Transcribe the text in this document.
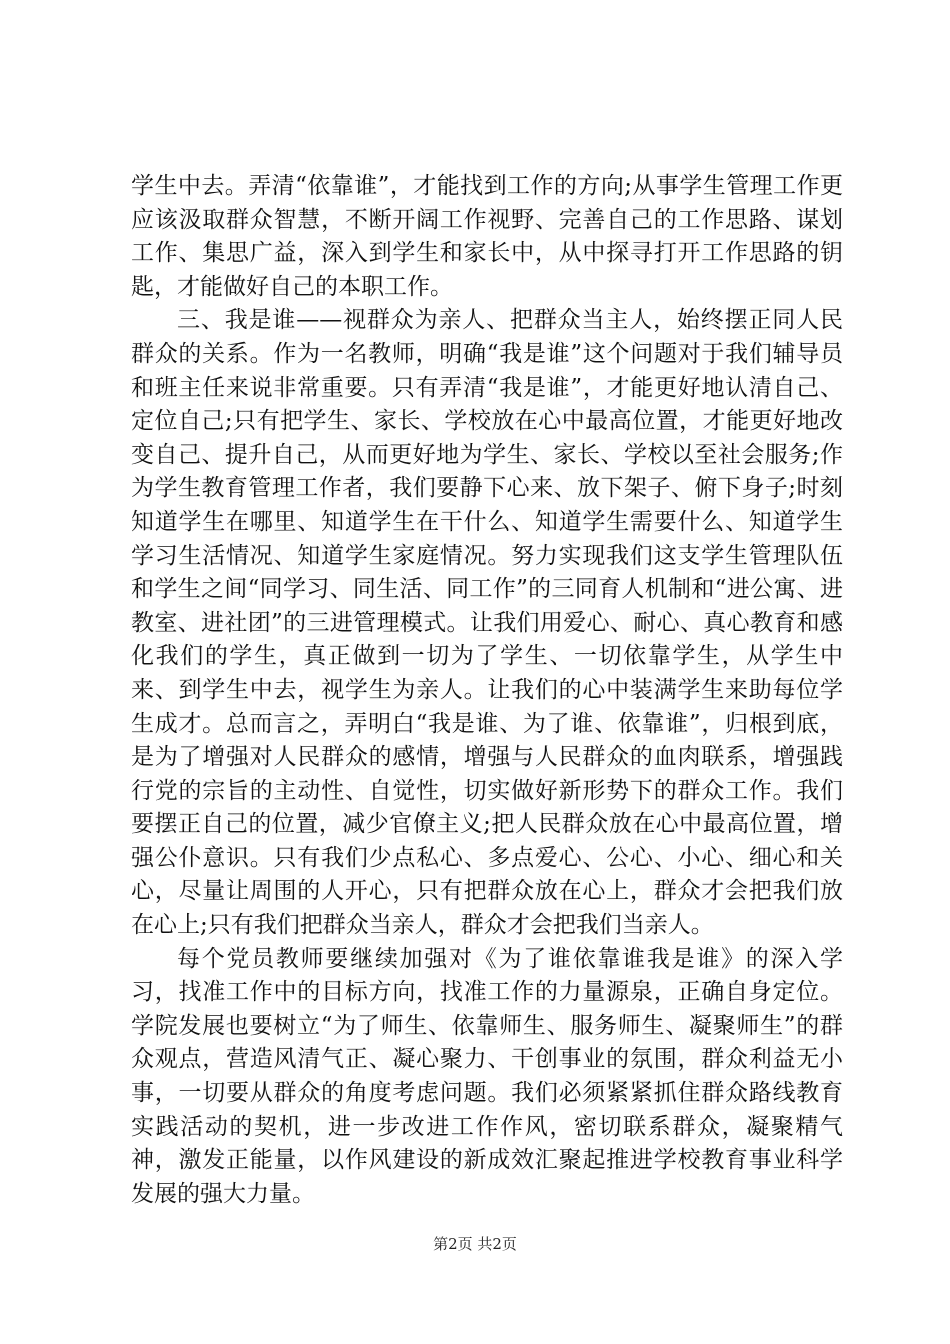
学生中去。弄清“依靠谁”，才能找到工作的方向;从事学生管理工作更应该汲取群众智慧，不断开阔工作视野、完善自己的工作思路、谋划工作、集思广益，深入到学生和家长中，从中探寻打开工作思路的钥匙，才能做好自己的本职工作。

三、我是谁——视群众为亲人、把群众当主人，始终摆正同人民群众的关系。作为一名教师，明确“我是谁”这个问题对于我们辅导员和班主任来说非常重要。只有弄清“我是谁”，才能更好地认清自己、定位自己;只有把学生、家长、学校放在心中最高位置，才能更好地改变自己、提升自己，从而更好地为学生、家长、学校以至社会服务;作为学生教育管理工作者，我们要静下心来、放下架子、俯下身子;时刻知道学生在哪里、知道学生在干什么、知道学生需要什么、知道学生学习生活情况、知道学生家庭情况。努力实现我们这支学生管理队伍和学生之间“同学习、同生活、同工作”的三同育人机制和“进公寓、进教室、进社团”的三进管理模式。让我们用爱心、耐心、真心教育和感化我们的学生，真正做到一切为了学生、一切依靠学生，从学生中来、到学生中去，视学生为亲人。让我们的心中装满学生来助每位学生成才。总而言之，弄明白“我是谁、为了谁、依靠谁”，归根到底，是为了增强对人民群众的感情，增强与人民群众的血肉联系，增强践行党的宗旨的主动性、自觉性，切实做好新形势下的群众工作。我们要摆正自己的位置，减少官僚主义;把人民群众放在心中最高位置，增强公仆意识。只有我们少点私心、多点爱心、公心、小心、细心和关心，尽量让周围的人开心，只有把群众放在心上，群众才会把我们放在心上;只有我们把群众当亲人，群众才会把我们当亲人。

每个党员教师要继续加强对《为了谁依靠谁我是谁》的深入学习，找准工作中的目标方向，找准工作的力量源泉，正确自身定位。学院发展也要树立“为了师生、依靠师生、服务师生、凝聚师生”的群众观点，营造风清气正、凝心聚力、干创事业的氛围，群众利益无小事，一切要从群众的角度考虑问题。我们必须紧紧抓住群众路线教育实践活动的契机，进一步改进工作作风，密切联系群众，凝聚精气神，激发正能量，以作风建设的新成效汇聚起推进学校教育事业科学发展的强大力量。

第2页 共2页
